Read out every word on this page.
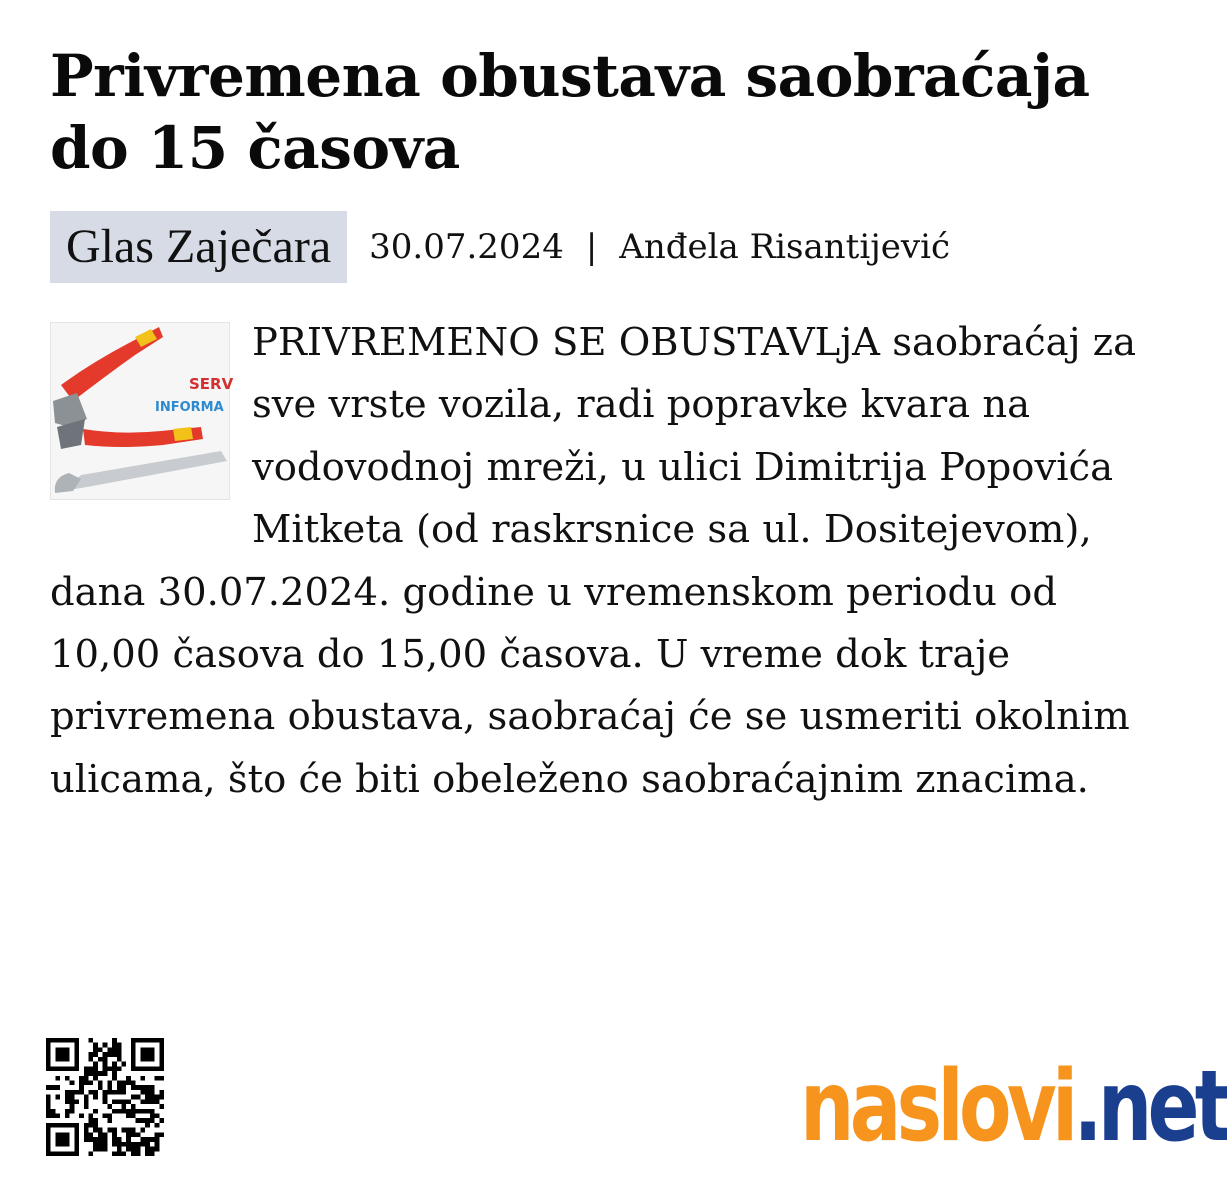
Privremena obustava saobraćaja do 15 časova
Glas Zaječara	30.07.2024 | Anđela Risantijević
SERV
INFORMA
PRIVREMENO SE OBUSTAVLjA saobraćaj za sve vrste vozila, radi popravke kvara na vodovodnoj mreži, u ulici Dimitrija Popovića Mitketa (od raskrsnice sa ul. Dositejevom), dana 30.07.2024. godine u vremenskom periodu od 10,00 časova do 15,00 časova. U vreme dok traje privremena obustava, saobraćaj će se usmeriti okolnim ulicama, što će biti obeleženo saobraćajnim znacima.
naslovi.net
